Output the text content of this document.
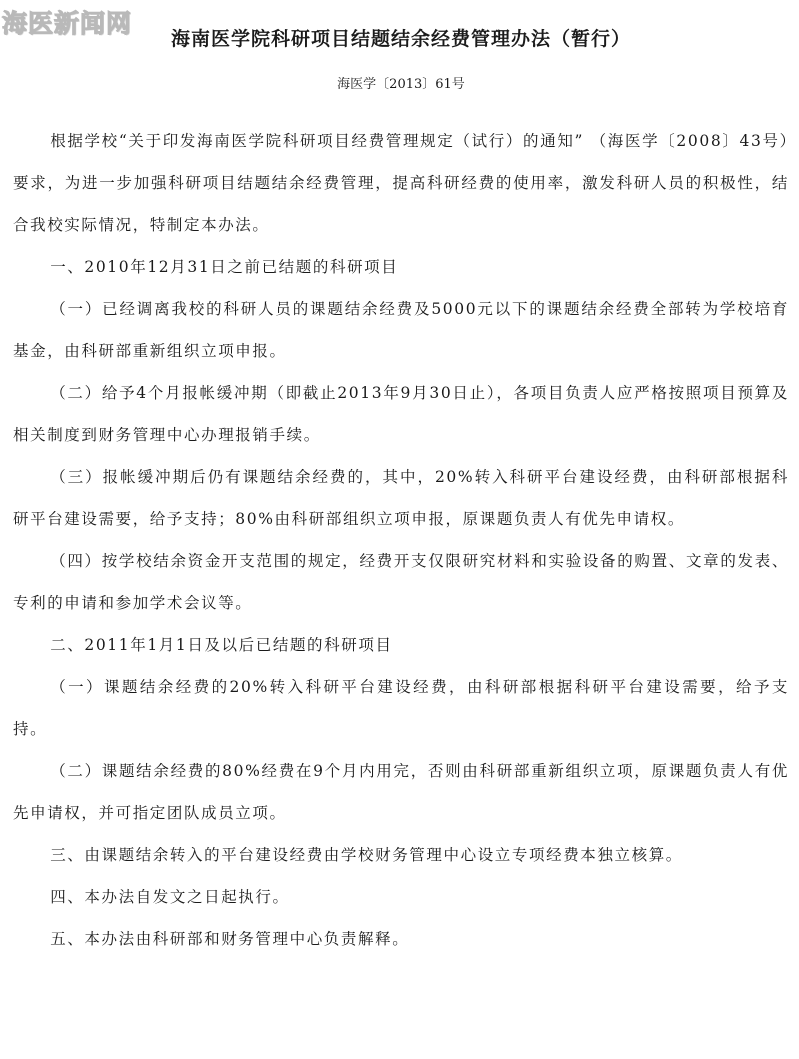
海医新闻网
海南医学院科研项目结题结余经费管理办法（暂行）
海医学〔2013〕61号

根据学校“关于印发海南医学院科研项目经费管理规定（试行）的通知” （海医学〔2008〕43号）要求，为进一步加强科研项目结题结余经费管理，提高科研经费的使用率，激发科研人员的积极性，结合我校实际情况，特制定本办法。

一、2010年12月31日之前已结题的科研项目

（一）已经调离我校的科研人员的课题结余经费及5000元以下的课题结余经费全部转为学校培育基金，由科研部重新组织立项申报。

（二）给予4个月报帐缓冲期（即截止2013年9月30日止），各项目负责人应严格按照项目预算及相关制度到财务管理中心办理报销手续。

（三）报帐缓冲期后仍有课题结余经费的，其中，20%转入科研平台建设经费，由科研部根据科研平台建设需要，给予支持；80%由科研部组织立项申报，原课题负责人有优先申请权。

（四）按学校结余资金开支范围的规定，经费开支仅限研究材料和实验设备的购置、文章的发表、专利的申请和参加学术会议等。

二、2011年1月1日及以后已结题的科研项目

（一）课题结余经费的20%转入科研平台建设经费，由科研部根据科研平台建设需要，给予支持。

（二）课题结余经费的80%经费在9个月内用完，否则由科研部重新组织立项，原课题负责人有优先申请权，并可指定团队成员立项。

三、由课题结余转入的平台建设经费由学校财务管理中心设立专项经费本独立核算。

四、本办法自发文之日起执行。

五、本办法由科研部和财务管理中心负责解释。
